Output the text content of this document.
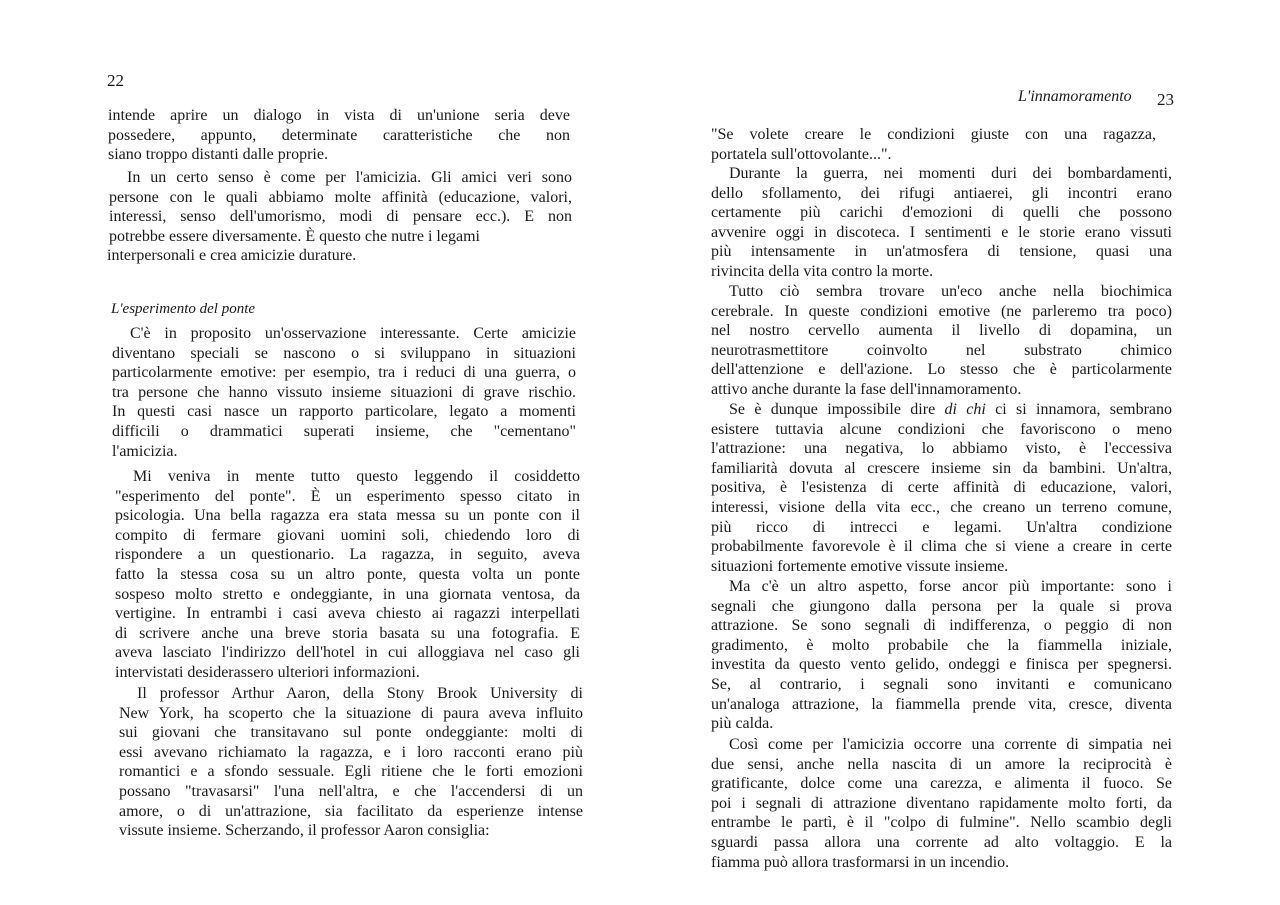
22
intende aprire un dialogo in vista di un'unione seria deve
possedere, appunto, determinate caratteristiche che non
siano troppo distanti dalle proprie.
In un certo senso è come per l'amicizia. Gli amici veri sono
persone con le quali abbiamo molte affinità (educazione, valori,
interessi, senso dell'umorismo, modi di pensare ecc.). E non
potrebbe essere diversamente. È questo che nutre i legami
interpersonali e crea amicizie durature.
L'esperimento del ponte
C'è in proposito un'osservazione interessante. Certe amicizie
diventano speciali se nascono o si sviluppano in situazioni
particolarmente emotive: per esempio, tra i reduci di una guerra, o
tra persone che hanno vissuto insieme situazioni di grave rischio.
In questi casi nasce un rapporto particolare, legato a momenti
difficili o drammatici superati insieme, che "cementano"
l'amicizia.
Mi veniva in mente tutto questo leggendo il cosiddetto
"esperimento del ponte". È un esperimento spesso citato in
psicologia. Una bella ragazza era stata messa su un ponte con il
compito di fermare giovani uomini soli, chiedendo loro di
rispondere a un questionario. La ragazza, in seguito, aveva
fatto la stessa cosa su un altro ponte, questa volta un ponte
sospeso molto stretto e ondeggiante, in una giornata ventosa, da
vertigine. In entrambi i casi aveva chiesto ai ragazzi interpellati
di scrivere anche una breve storia basata su una fotografia. E
aveva lasciato l'indirizzo dell'hotel in cui alloggiava nel caso gli
intervistati desiderassero ulteriori informazioni.
Il professor Arthur Aaron, della Stony Brook University di
New York, ha scoperto che la situazione di paura aveva influito
sui giovani che transitavano sul ponte ondeggiante: molti di
essi avevano richiamato la ragazza, e i loro racconti erano più
romantici e a sfondo sessuale. Egli ritiene che le forti emozioni
possano "travasarsi" l'una nell'altra, e che l'accendersi di un
amore, o di un'attrazione, sia facilitato da esperienze intense
vissute insieme. Scherzando, il professor Aaron consiglia:
L'innamoramento 23
"Se volete creare le condizioni giuste con una ragazza,
portatela sull'ottovolante...".
Durante la guerra, nei momenti duri dei bombardamenti,
dello sfollamento, dei rifugi antiaerei, gli incontri erano
certamente più carichi d'emozioni di quelli che possono
avvenire oggi in discoteca. I sentimenti e le storie erano vissuti
più intensamente in un'atmosfera di tensione, quasi una
rivincita della vita contro la morte.
Tutto ciò sembra trovare un'eco anche nella biochimica
cerebrale. In queste condizioni emotive (ne parleremo tra poco)
nel nostro cervello aumenta il livello di dopamina, un
neurotrasmettitore coinvolto nel substrato chimico
dell'attenzione e dell'azione. Lo stesso che è particolarmente
attivo anche durante la fase dell'innamoramento.
Se è dunque impossibile dire di chi ci si innamora, sembrano
esistere tuttavia alcune condizioni che favoriscono o meno
l'attrazione: una negativa, lo abbiamo visto, è l'eccessiva
familiarità dovuta al crescere insieme sin da bambini. Un'altra,
positiva, è l'esistenza di certe affinità di educazione, valori,
interessi, visione della vita ecc., che creano un terreno comune,
più ricco di intrecci e legami. Un'altra condizione
probabilmente favorevole è il clima che si viene a creare in certe
situazioni fortemente emotive vissute insieme.
Ma c'è un altro aspetto, forse ancor più importante: sono i
segnali che giungono dalla persona per la quale si prova
attrazione. Se sono segnali di indifferenza, o peggio di non
gradimento, è molto probabile che la fiammella iniziale,
investita da questo vento gelido, ondeggi e finisca per spegnersi.
Se, al contrario, i segnali sono invitanti e comunicano
un'analoga attrazione, la fiammella prende vita, cresce, diventa
più calda.
Così come per l'amicizia occorre una corrente di simpatia nei
due sensi, anche nella nascita di un amore la reciprocità è
gratificante, dolce come una carezza, e alimenta il fuoco. Se
poi i segnali di attrazione diventano rapidamente molto forti, da
entrambe le partì, è il "colpo di fulmine". Nello scambio degli
sguardi passa allora una corrente ad alto voltaggio. E la
fiamma può allora trasformarsi in un incendio.
